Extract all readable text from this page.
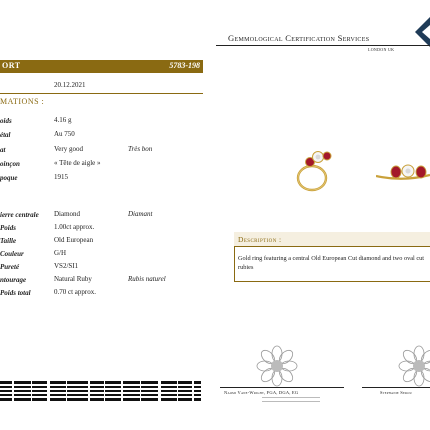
ORT	5783-198
20.12.2021
MATIONS :
oids	4.16 g
étal	Au 750
at	Very good	Très bon
oinçon	« Tête de aigle »
poque	1915
ierre centrale Diamond	Diamant
Poids	1.00ct approx.
Taille	Old European
Couleur	G/H
Pureté	VS2/SI1
ntourage	Natural Ruby	Rubis naturel
Poids total	0.70 ct approx.
Gemmological Certification Services
LONDON UK
Description :
Gold ring featuring a central Old European Cut diamond and two oval cut rubies
Naomi Vane-Wright, FGA, DGA, EG	Stephanie Serou
